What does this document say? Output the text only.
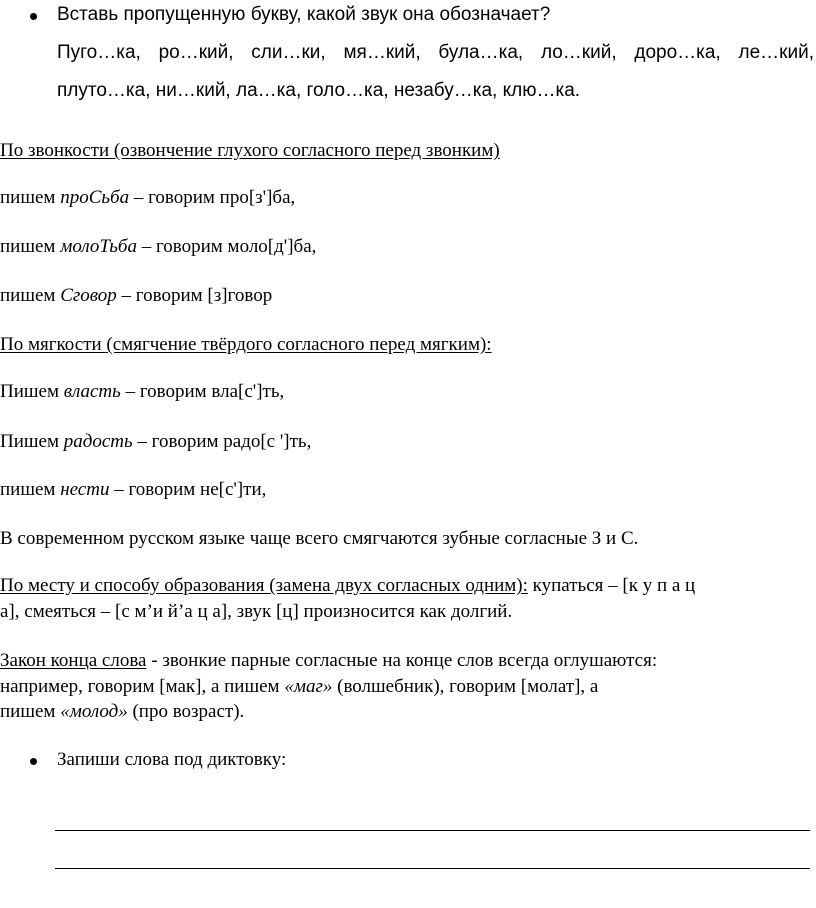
Вставь пропущенную букву, какой звук она обозначает?
Пуго…ка, ро…кий, сли…ки, мя…кий, була…ка, ло…кий, доро…ка, ле…кий,
плуто…ка, ни…кий, ла…ка, голо…ка, незабу…ка, клю…ка.
По звонкости (озвончение глухого согласного перед звонким)
пишем проСьба – говорим про[з']ба,
пишем молоТьба – говорим моло[д']ба,
пишем Сговор – говорим [з]говор
По мягкости (смягчение твёрдого согласного перед мягким):
Пишем власть – говорим вла[с']ть,
Пишем радость – говорим радо[с ']ть,
пишем нести – говорим не[с']ти,
В современном русском языке чаще всего смягчаются зубные согласные З и С.
По месту и способу образования (замена двух согласных одним): купаться – [к у п а ц
а], смеяться – [с м’и й’а ц а], звук [ц] произносится как долгий.
Закон конца слова - звонкие парные согласные на конце слов всегда оглушаются:
например, говорим [мак], а пишем «маг» (волшебник), говорим [молат], а
пишем «молод» (про возраст).
Запиши слова под диктовку:
